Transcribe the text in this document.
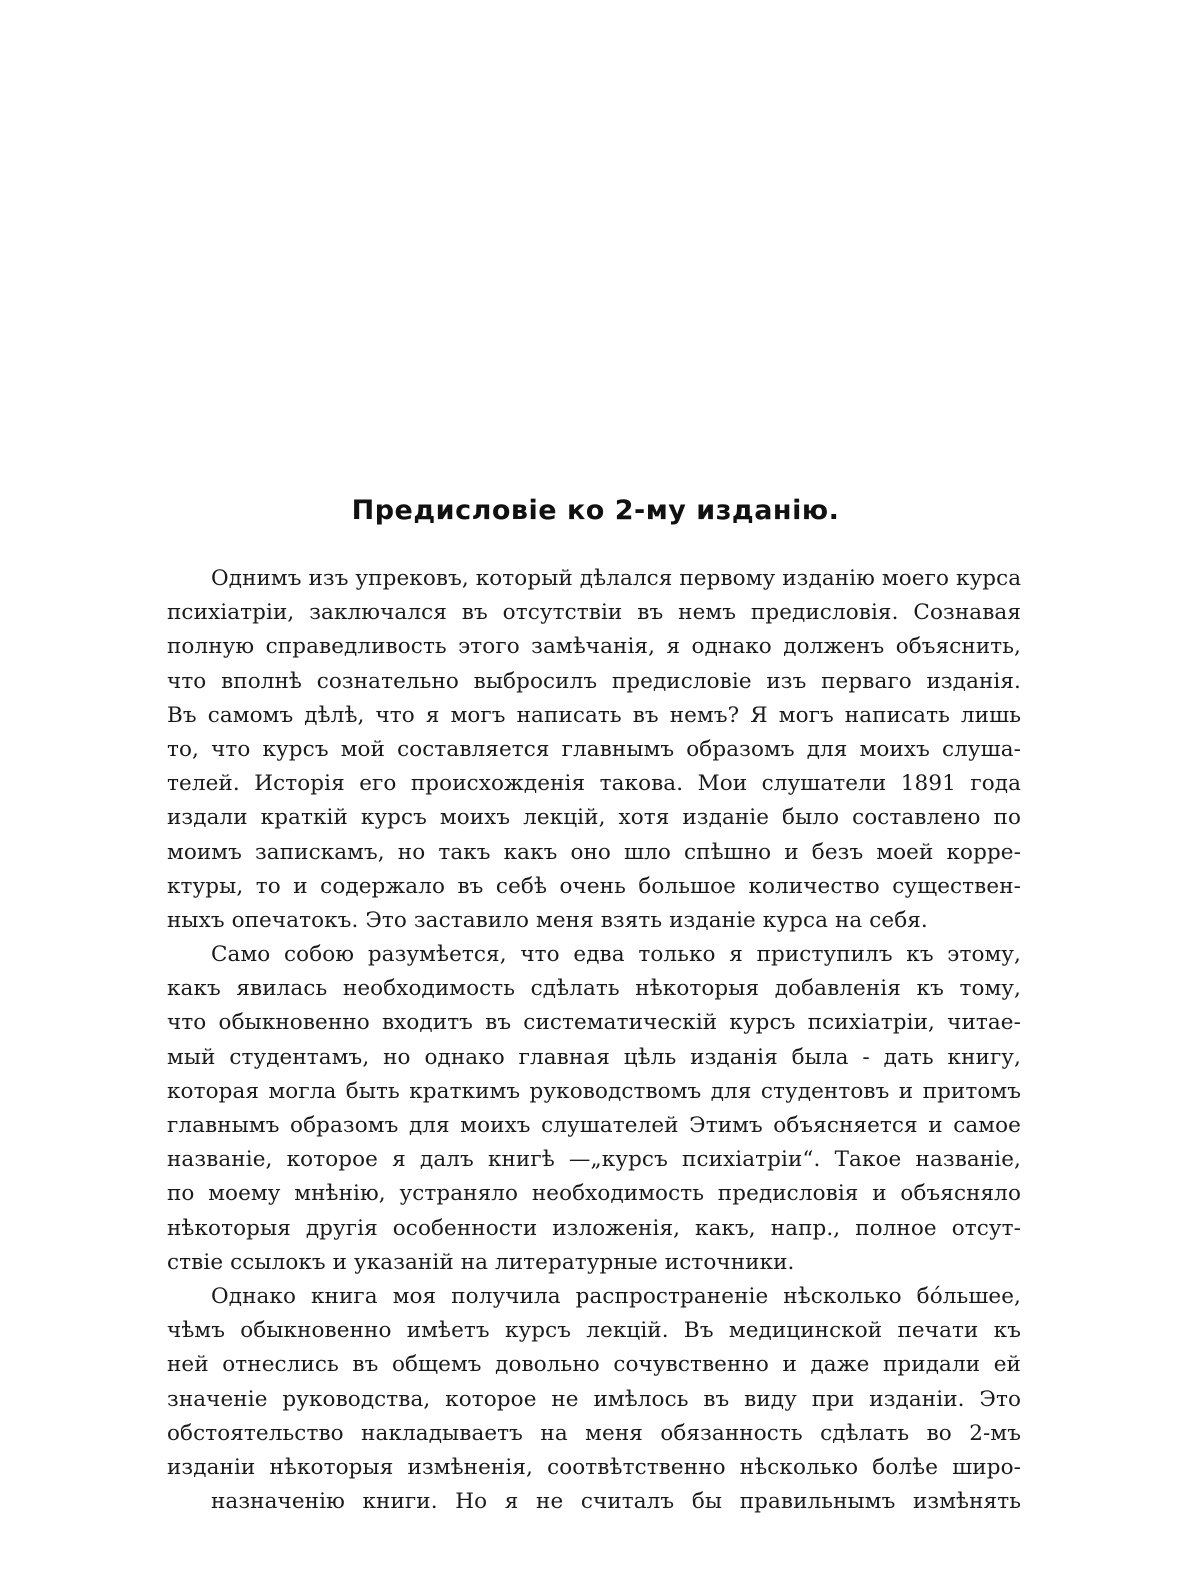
Предисловіе ко 2-му изданію.
Однимъ изъ упрековъ, который дѣлался первому изданію моего курса
психіатріи, заключался въ отсутствіи въ немъ предисловія. Сознавая
полную справедливость этого замѣчанія, я однако долженъ объяснить,
что вполнѣ сознательно выбросилъ предисловіе изъ перваго изданія.
Въ самомъ дѣлѣ, что я могъ написать въ немъ? Я могъ написать лишь
то, что курсъ мой составляется главнымъ образомъ для моихъ слуша-
телей. Исторія его происхожденія такова. Мои слушатели 1891 года
издали краткій курсъ моихъ лекцій, хотя изданіе было составлено по
моимъ запискамъ, но такъ какъ оно шло спѣшно и безъ моей корре-
ктуры, то и содержало въ себѣ очень большое количество существен-
ныхъ опечатокъ. Это заставило меня взять изданіе курса на себя.
Само собою разумѣется, что едва только я приступилъ къ этому,
какъ явилась необходимость сдѣлать нѣкоторыя добавленія къ тому,
что обыкновенно входитъ въ систематическій курсъ психіатріи, читае-
мый студентамъ, но однако главная цѣль изданія была - дать книгу,
которая могла быть краткимъ руководствомъ для студентовъ и притомъ
главнымъ образомъ для моихъ слушателей Этимъ объясняется и самое
названіе, которое я далъ книгѣ —„курсъ психіатріи“. Такое названіе,
по моему мнѣнію, устраняло необходимость предисловія и объясняло
нѣкоторыя другія особенности изложенія, какъ, напр., полное отсут-
ствіе ссылокъ и указаній на литературные источники.
Однако книга моя получила распространеніе нѣсколько бóльшее,
чѣмъ обыкновенно имѣетъ курсъ лекцій. Въ медицинской печати къ
ней отнеслись въ общемъ довольно сочувственно и даже придали ей
значеніе руководства, которое не имѣлось въ виду при изданіи. Это
обстоятельство накладываетъ на меня обязанность сдѣлать во 2-мъ
изданіи нѣкоторыя измѣненія, соотвѣтственно нѣсколько болѣе широ-
назначенію книги. Но я не считалъ бы правильнымъ измѣнять
